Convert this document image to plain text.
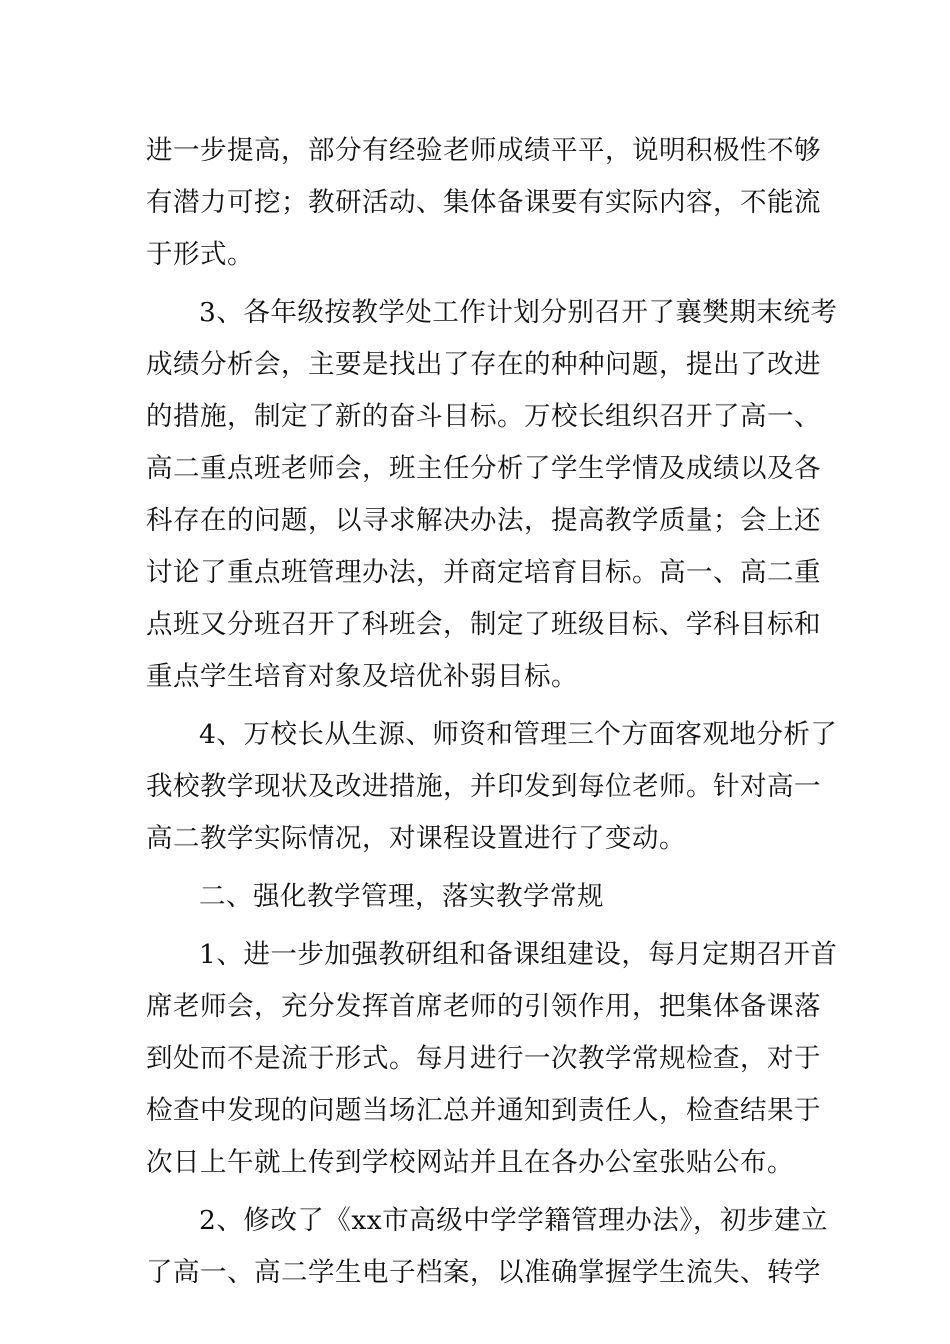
进一步提高，部分有经验老师成绩平平，说明积极性不够
有潜力可挖；教研活动、集体备课要有实际内容，不能流
于形式。

3、各年级按教学处工作计划分别召开了襄樊期末统考
成绩分析会，主要是找出了存在的种种问题，提出了改进
的措施，制定了新的奋斗目标。万校长组织召开了高一、
高二重点班老师会，班主任分析了学生学情及成绩以及各
科存在的问题，以寻求解决办法，提高教学质量；会上还
讨论了重点班管理办法，并商定培育目标。高一、高二重
点班又分班召开了科班会，制定了班级目标、学科目标和
重点学生培育对象及培优补弱目标。

4、万校长从生源、师资和管理三个方面客观地分析了
我校教学现状及改进措施，并印发到每位老师。针对高一
高二教学实际情况，对课程设置进行了变动。

二、强化教学管理，落实教学常规

1、进一步加强教研组和备课组建设，每月定期召开首
席老师会，充分发挥首席老师的引领作用，把集体备课落
到处而不是流于形式。每月进行一次教学常规检查，对于
检查中发现的问题当场汇总并通知到责任人，检查结果于
次日上午就上传到学校网站并且在各办公室张贴公布。

2、修改了《xx市高级中学学籍管理办法》，初步建立
了高一、高二学生电子档案，以准确掌握学生流失、转学
